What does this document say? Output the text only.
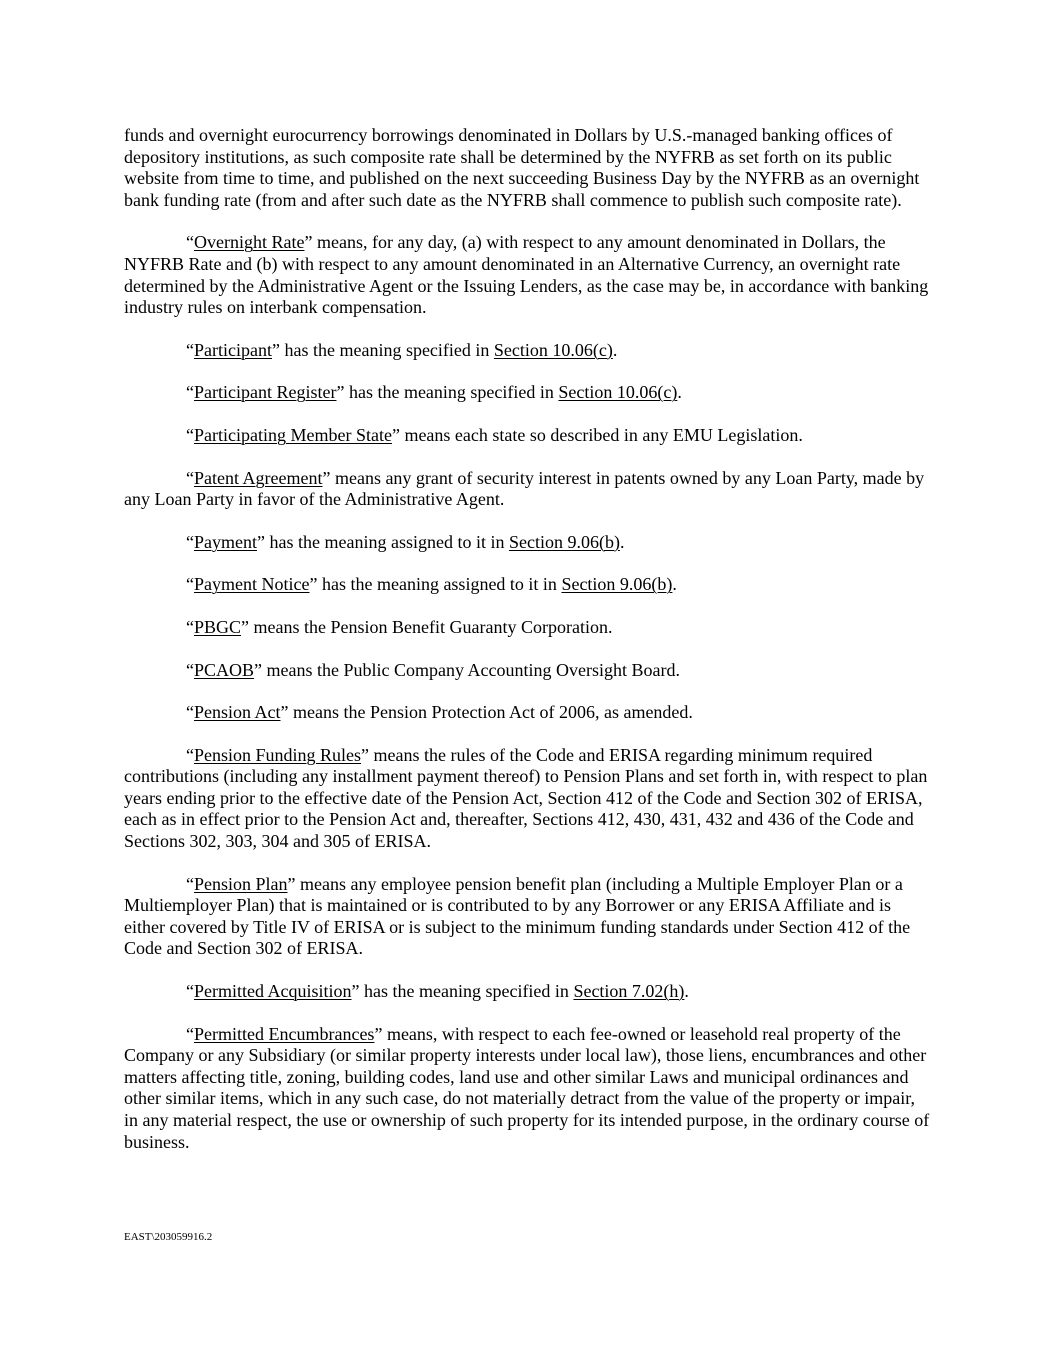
funds and overnight eurocurrency borrowings denominated in Dollars by U.S.-managed banking offices of depository institutions, as such composite rate shall be determined by the NYFRB as set forth on its public website from time to time, and published on the next succeeding Business Day by the NYFRB as an overnight bank funding rate (from and after such date as the NYFRB shall commence to publish such composite rate).

“Overnight Rate” means, for any day, (a) with respect to any amount denominated in Dollars, the NYFRB Rate and (b) with respect to any amount denominated in an Alternative Currency, an overnight rate determined by the Administrative Agent or the Issuing Lenders, as the case may be, in accordance with banking industry rules on interbank compensation.

“Participant” has the meaning specified in Section 10.06(c).

“Participant Register” has the meaning specified in Section 10.06(c).

“Participating Member State” means each state so described in any EMU Legislation.

“Patent Agreement” means any grant of security interest in patents owned by any Loan Party, made by any Loan Party in favor of the Administrative Agent.

“Payment” has the meaning assigned to it in Section 9.06(b).

“Payment Notice” has the meaning assigned to it in Section 9.06(b).

“PBGC” means the Pension Benefit Guaranty Corporation.

“PCAOB” means the Public Company Accounting Oversight Board.

“Pension Act” means the Pension Protection Act of 2006, as amended.

“Pension Funding Rules” means the rules of the Code and ERISA regarding minimum required contributions (including any installment payment thereof) to Pension Plans and set forth in, with respect to plan years ending prior to the effective date of the Pension Act, Section 412 of the Code and Section 302 of ERISA, each as in effect prior to the Pension Act and, thereafter, Sections 412, 430, 431, 432 and 436 of the Code and Sections 302, 303, 304 and 305 of ERISA.

“Pension Plan” means any employee pension benefit plan (including a Multiple Employer Plan or a Multiemployer Plan) that is maintained or is contributed to by any Borrower or any ERISA Affiliate and is either covered by Title IV of ERISA or is subject to the minimum funding standards under Section 412 of the Code and Section 302 of ERISA.

“Permitted Acquisition” has the meaning specified in Section 7.02(h).

“Permitted Encumbrances” means, with respect to each fee-owned or leasehold real property of the Company or any Subsidiary (or similar property interests under local law), those liens, encumbrances and other matters affecting title, zoning, building codes, land use and other similar Laws and municipal ordinances and other similar items, which in any such case, do not materially detract from the value of the property or impair, in any material respect, the use or ownership of such property for its intended purpose, in the ordinary course of business.

EAST\203059916.2
